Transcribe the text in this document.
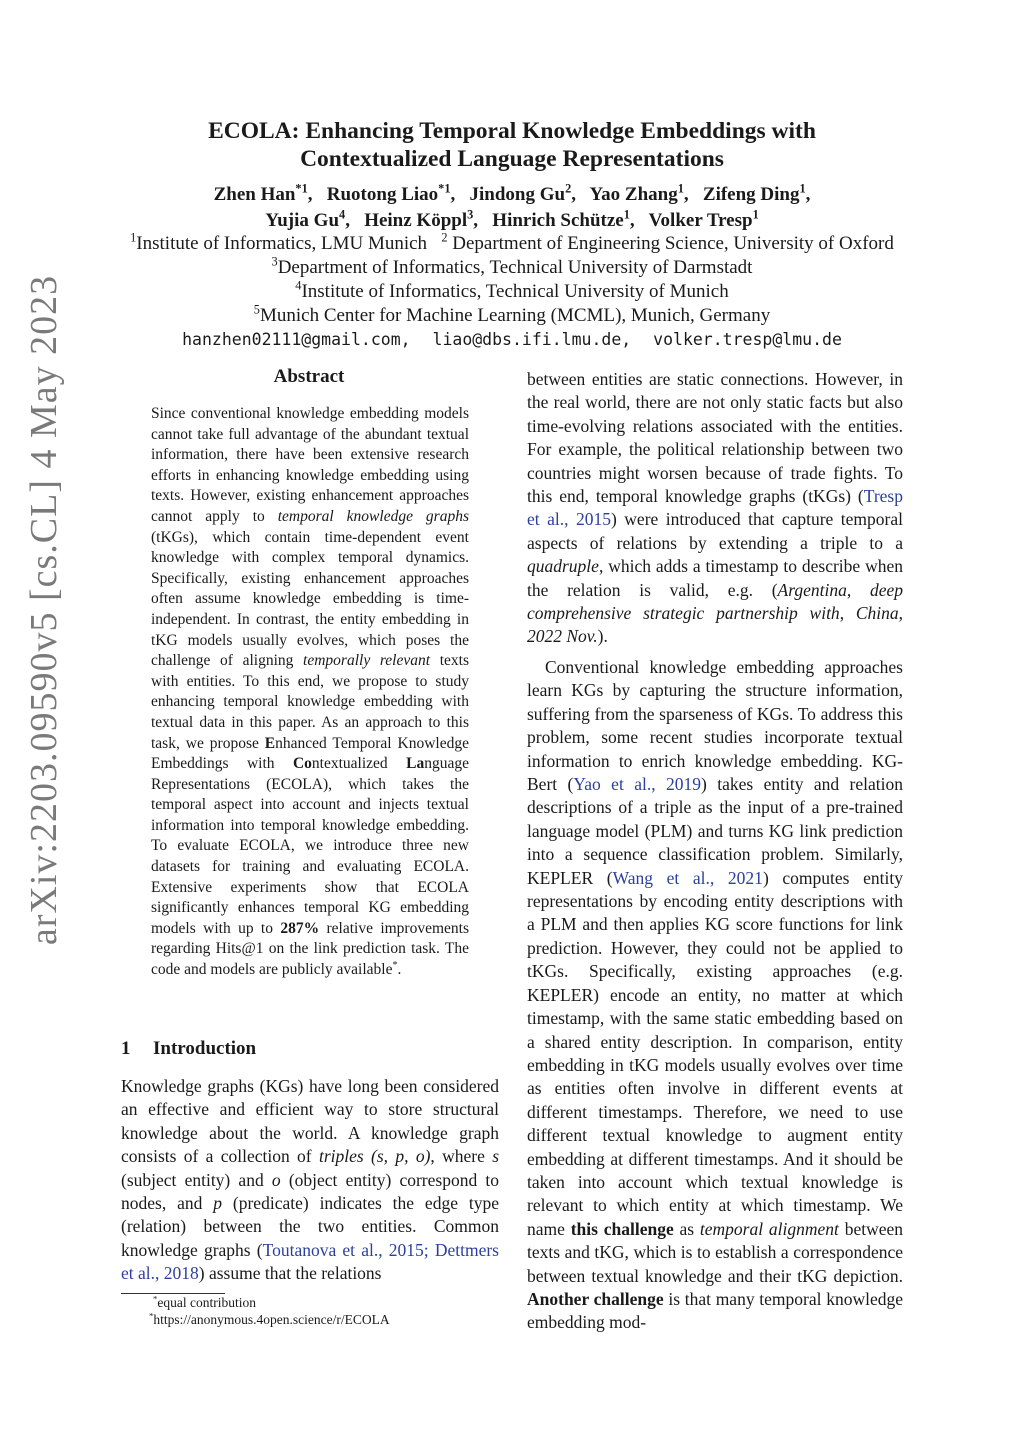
arXiv:2203.09590v5 [cs.CL] 4 May 2023
ECOLA: Enhancing Temporal Knowledge Embeddings with
Contextualized Language Representations
Zhen Han$^{*1}$,   Ruotong Liao$^{*1}$,   Jindong Gu$^2$,   Yao Zhang$^1$,   Zifeng Ding$^1$,
Yujia Gu$^4$,   Heinz Köppl$^3$,   Hinrich Schütze$^1$,   Volker Tresp$^1$
$^1$Institute of Informatics, LMU Munich $^2$ Department of Engineering Science, University of Oxford
$^3$Department of Informatics, Technical University of Darmstadt
$^4$Institute of Informatics, Technical University of Munich
$^5$Munich Center for Machine Learning (MCML), Munich, Germany
hanzhen02111@gmail.com, liao@dbs.ifi.lmu.de, volker.tresp@lmu.de
Abstract
Since conventional knowledge embedding models cannot take full advantage of the abundant textual information, there have been extensive research efforts in enhancing knowledge embedding using texts. However, existing enhancement approaches cannot apply to temporal knowledge graphs (tKGs), which contain time-dependent event knowledge with complex temporal dynamics. Specifically, existing enhancement approaches often assume knowledge embedding is time-independent. In contrast, the entity embedding in tKG models usually evolves, which poses the challenge of aligning temporally relevant texts with entities. To this end, we propose to study enhancing temporal knowledge embedding with textual data in this paper. As an approach to this task, we propose Enhanced Temporal Knowledge Embeddings with Contextualized Language Representations (ECOLA), which takes the temporal aspect into account and injects textual information into temporal knowledge embedding. To evaluate ECOLA, we introduce three new datasets for training and evaluating ECOLA. Extensive experiments show that ECOLA significantly enhances temporal KG embedding models with up to 287% relative improvements regarding Hits@1 on the link prediction task. The code and models are publicly available*.
1 Introduction
Knowledge graphs (KGs) have long been considered an effective and efficient way to store structural knowledge about the world. A knowledge graph consists of a collection of triples (s, p, o), where s (subject entity) and o (object entity) correspond to nodes, and p (predicate) indicates the edge type (relation) between the two entities. Common knowledge graphs (Toutanova et al., 2015; Dettmers et al., 2018) assume that the relations
*equal contribution
*https://anonymous.4open.science/r/ECOLA
between entities are static connections. However, in the real world, there are not only static facts but also time-evolving relations associated with the entities. For example, the political relationship between two countries might worsen because of trade fights. To this end, temporal knowledge graphs (tKGs) (Tresp et al., 2015) were introduced that capture temporal aspects of relations by extending a triple to a quadruple, which adds a timestamp to describe when the relation is valid, e.g. (Argentina, deep comprehensive strategic partnership with, China, 2022 Nov.).

Conventional knowledge embedding approaches learn KGs by capturing the structure information, suffering from the sparseness of KGs. To address this problem, some recent studies incorporate textual information to enrich knowledge embedding. KG-Bert (Yao et al., 2019) takes entity and relation descriptions of a triple as the input of a pre-trained language model (PLM) and turns KG link prediction into a sequence classification problem. Similarly, KEPLER (Wang et al., 2021) computes entity representations by encoding entity descriptions with a PLM and then applies KG score functions for link prediction. However, they could not be applied to tKGs. Specifically, existing approaches (e.g. KEPLER) encode an entity, no matter at which timestamp, with the same static embedding based on a shared entity description. In comparison, entity embedding in tKG models usually evolves over time as entities often involve in different events at different timestamps. Therefore, we need to use different textual knowledge to augment entity embedding at different timestamps. And it should be taken into account which textual knowledge is relevant to which entity at which timestamp. We name this challenge as temporal alignment between texts and tKG, which is to establish a correspondence between textual knowledge and their tKG depiction. Another challenge is that many temporal knowledge embedding mod-
